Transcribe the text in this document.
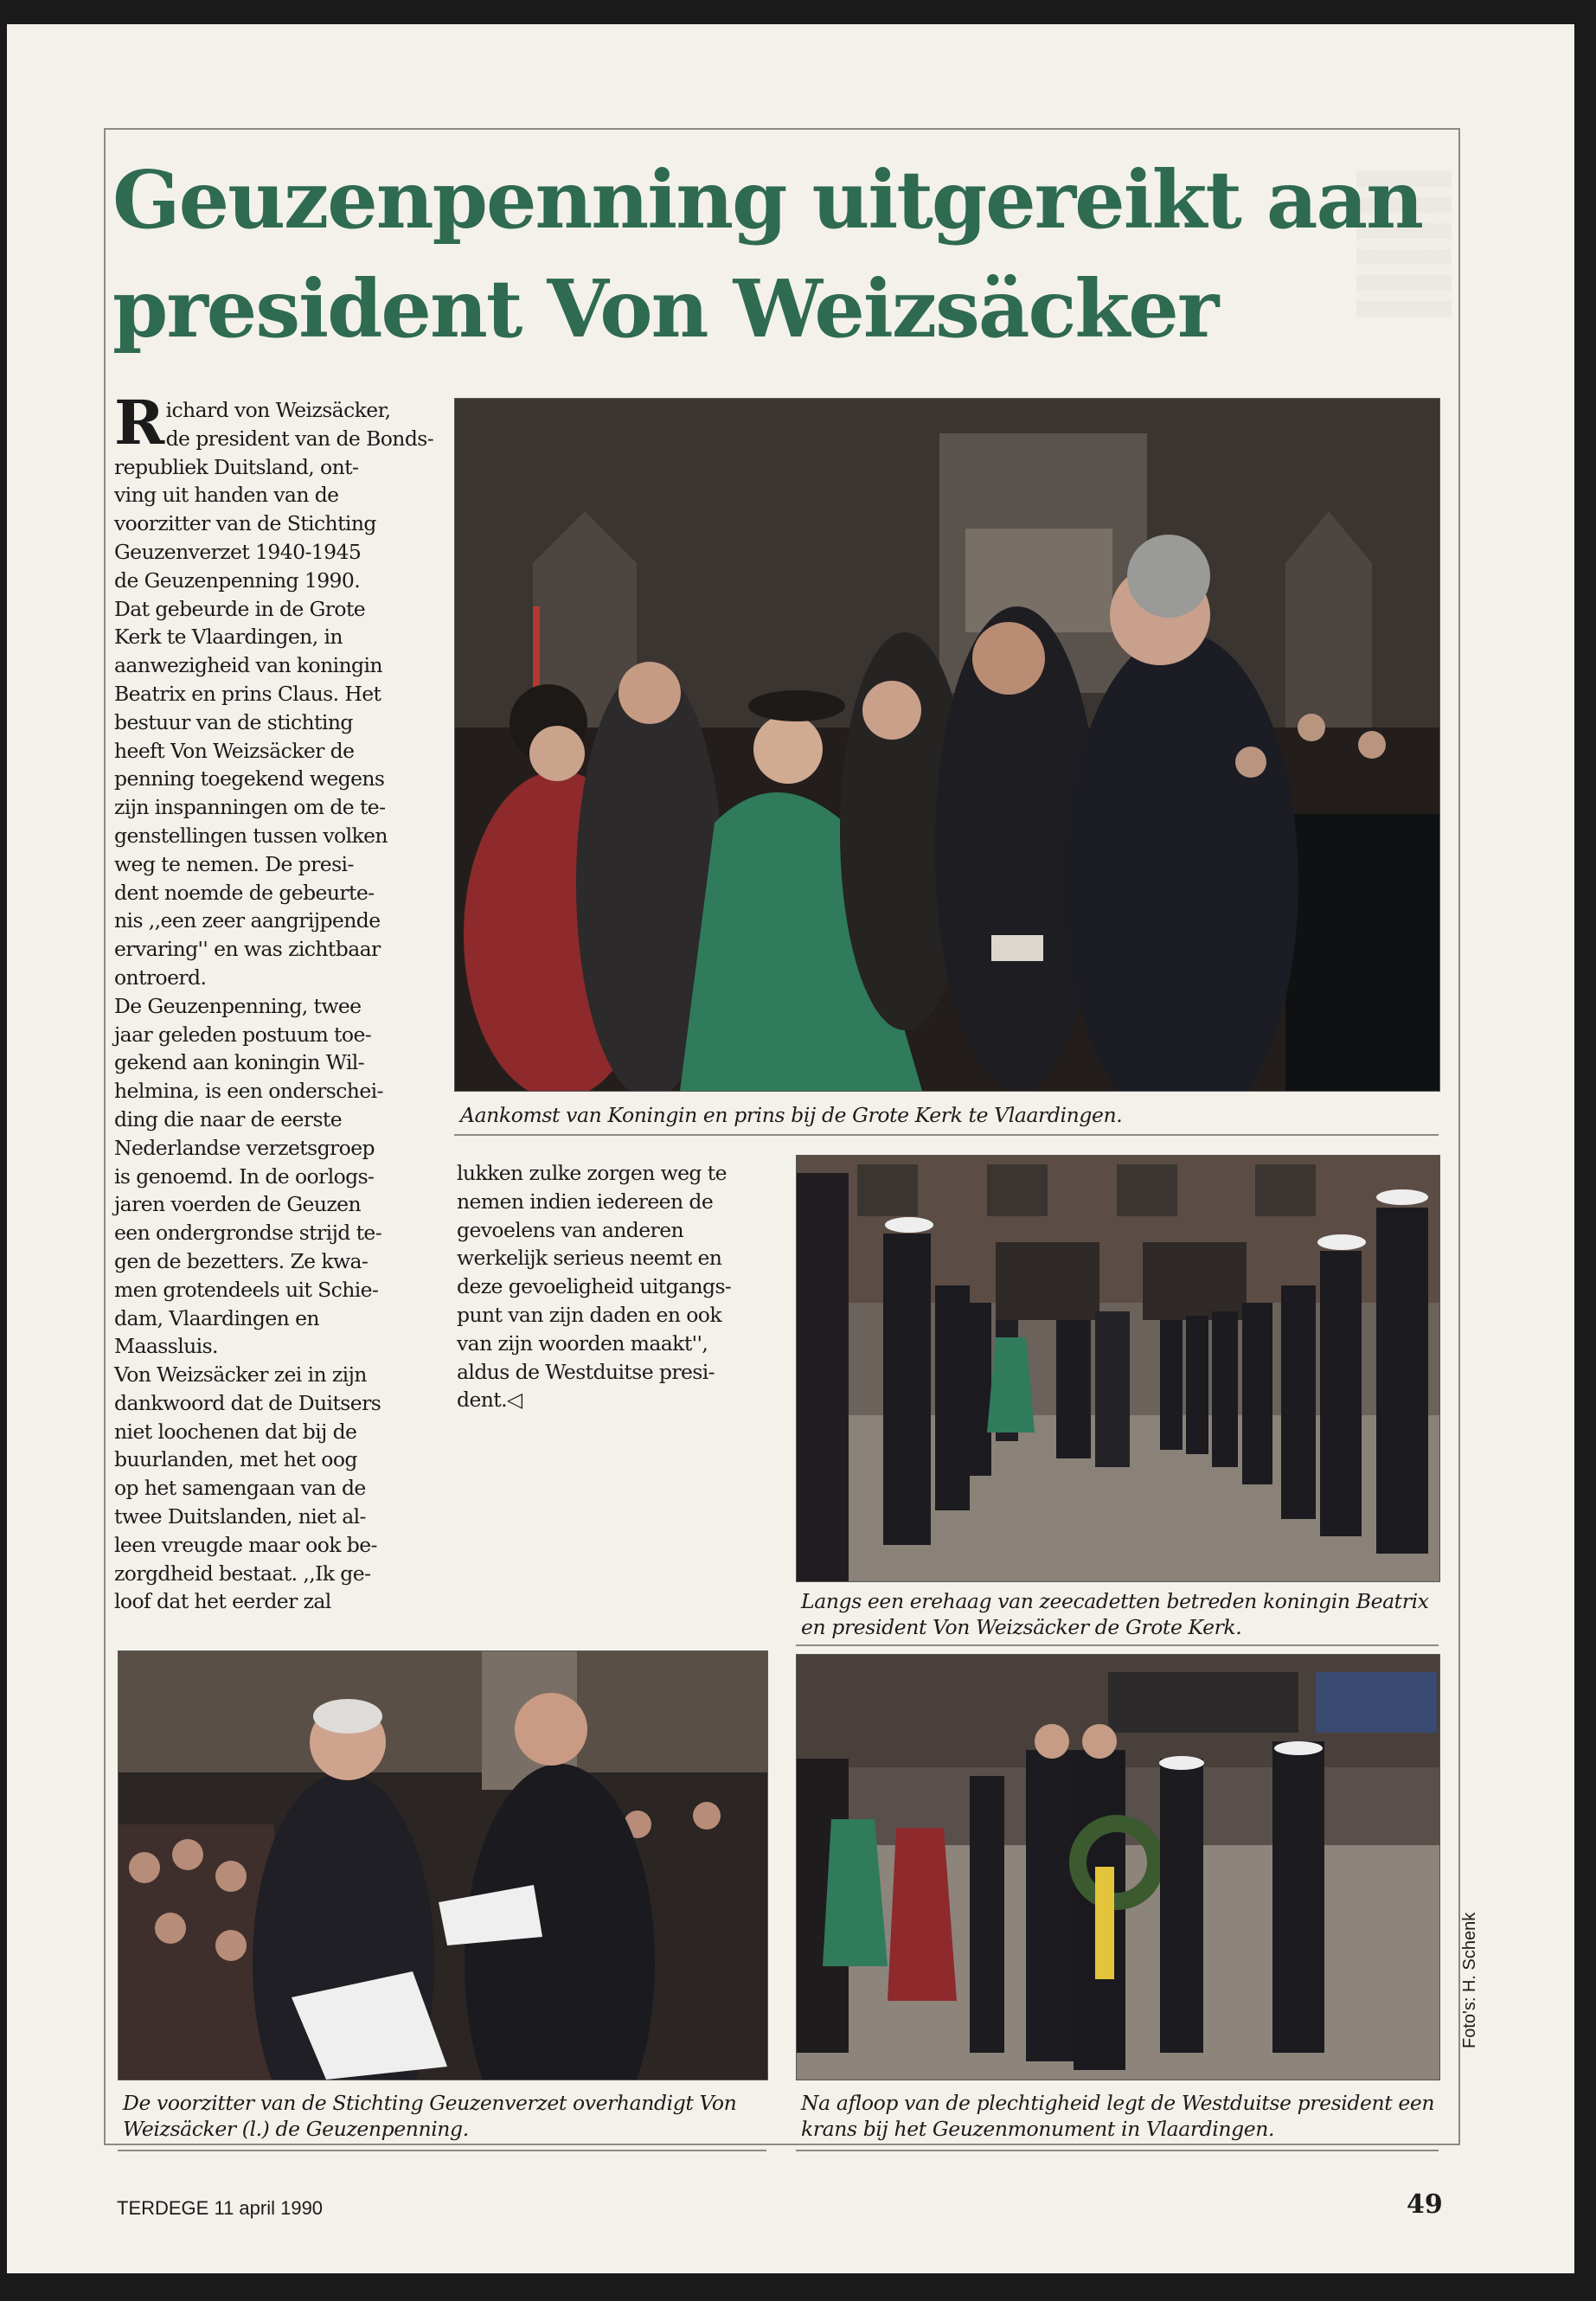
Geuzenpenning uitgereikt aan
president Von Weizsäcker

Richard von Weizsäcker,
de president van de Bonds-
republiek Duitsland, ont-
ving uit handen van de
voorzitter van de Stichting
Geuzenverzet 1940-1945
de Geuzenpenning 1990.
Dat gebeurde in de Grote
Kerk te Vlaardingen, in
aanwezigheid van koningin
Beatrix en prins Claus. Het
bestuur van de stichting
heeft Von Weizsäcker de
penning toegekend wegens
zijn inspanningen om de te-
genstellingen tussen volken
weg te nemen. De presi-
dent noemde de gebeurte-
nis ,,een zeer aangrijpende
ervaring'' en was zichtbaar
ontroerd.
De Geuzenpenning, twee
jaar geleden postuum toe-
gekend aan koningin Wil-
helmina, is een onderschei-
ding die naar de eerste
Nederlandse verzetsgroep
is genoemd. In de oorlogs-
jaren voerden de Geuzen
een ondergrondse strijd te-
gen de bezetters. Ze kwa-
men grotendeels uit Schie-
dam, Vlaardingen en
Maassluis.
Von Weizsäcker zei in zijn
dankwoord dat de Duitsers
niet loochenen dat bij de
buurlanden, met het oog
op het samengaan van de
twee Duitslanden, niet al-
leen vreugde maar ook be-
zorgdheid bestaat. ,,Ik ge-
loof dat het eerder zal

lukken zulke zorgen weg te
nemen indien iedereen de
gevoelens van anderen
werkelijk serieus neemt en
deze gevoeligheid uitgangs-
punt van zijn daden en ook
van zijn woorden maakt'',
aldus de Westduitse presi-
dent.◁

Aankomst van Koningin en prins bij de Grote Kerk te Vlaardingen.

Langs een erehaag van zeecadetten betreden koningin Beatrix en president Von Weizsäcker de Grote Kerk.

De voorzitter van de Stichting Geuzenverzet overhandigt Von Weizsäcker (l.) de Geuzenpenning.

Na afloop van de plechtigheid legt de Westduitse president een krans bij het Geuzenmonument in Vlaardingen.

Foto's: H. Schenk

TERDEGE 11 april 1990	49
